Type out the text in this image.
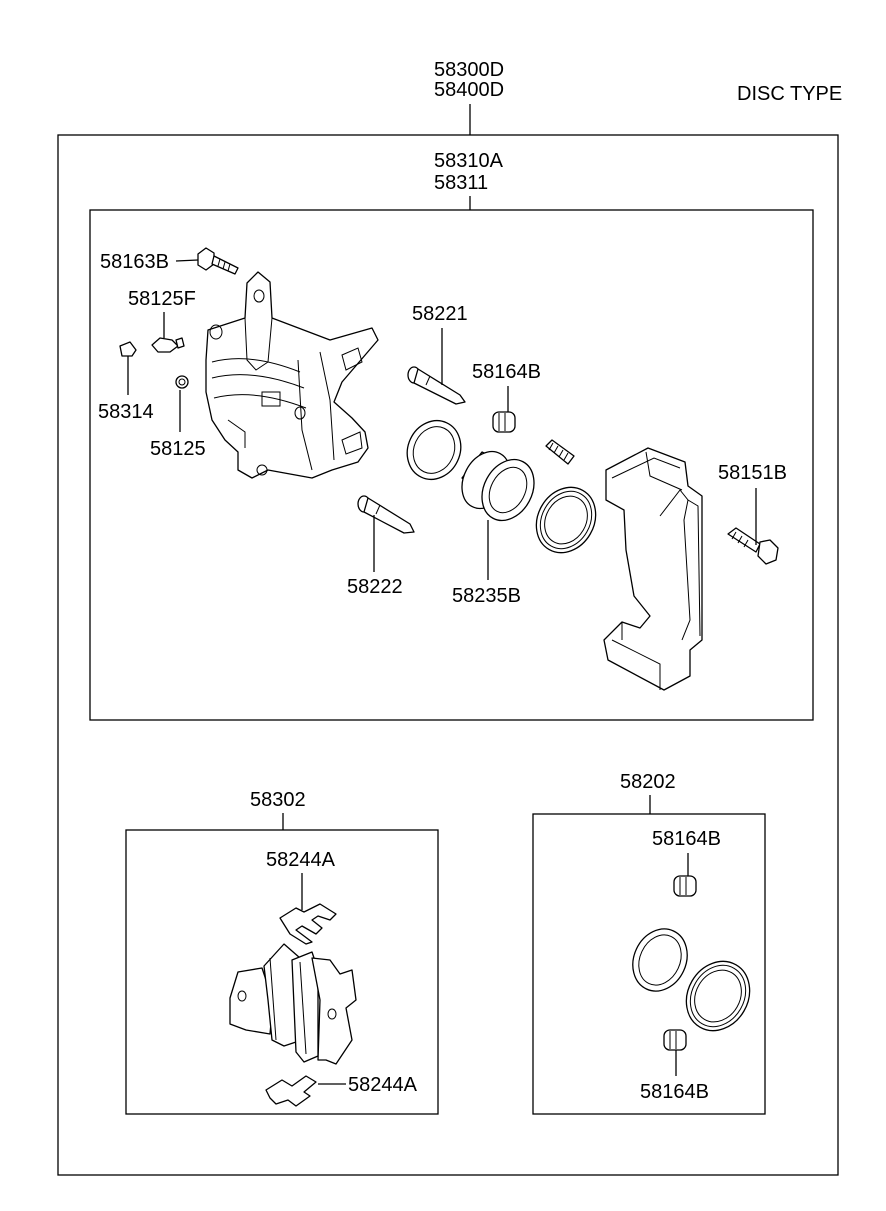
DISC TYPE
58300D
58400D
58310A
58311
58163B
58125F
58314
58125
58221
58164B
58235B
58222
58151B
58302
58244A
58244A
58202
58164B
58164B
